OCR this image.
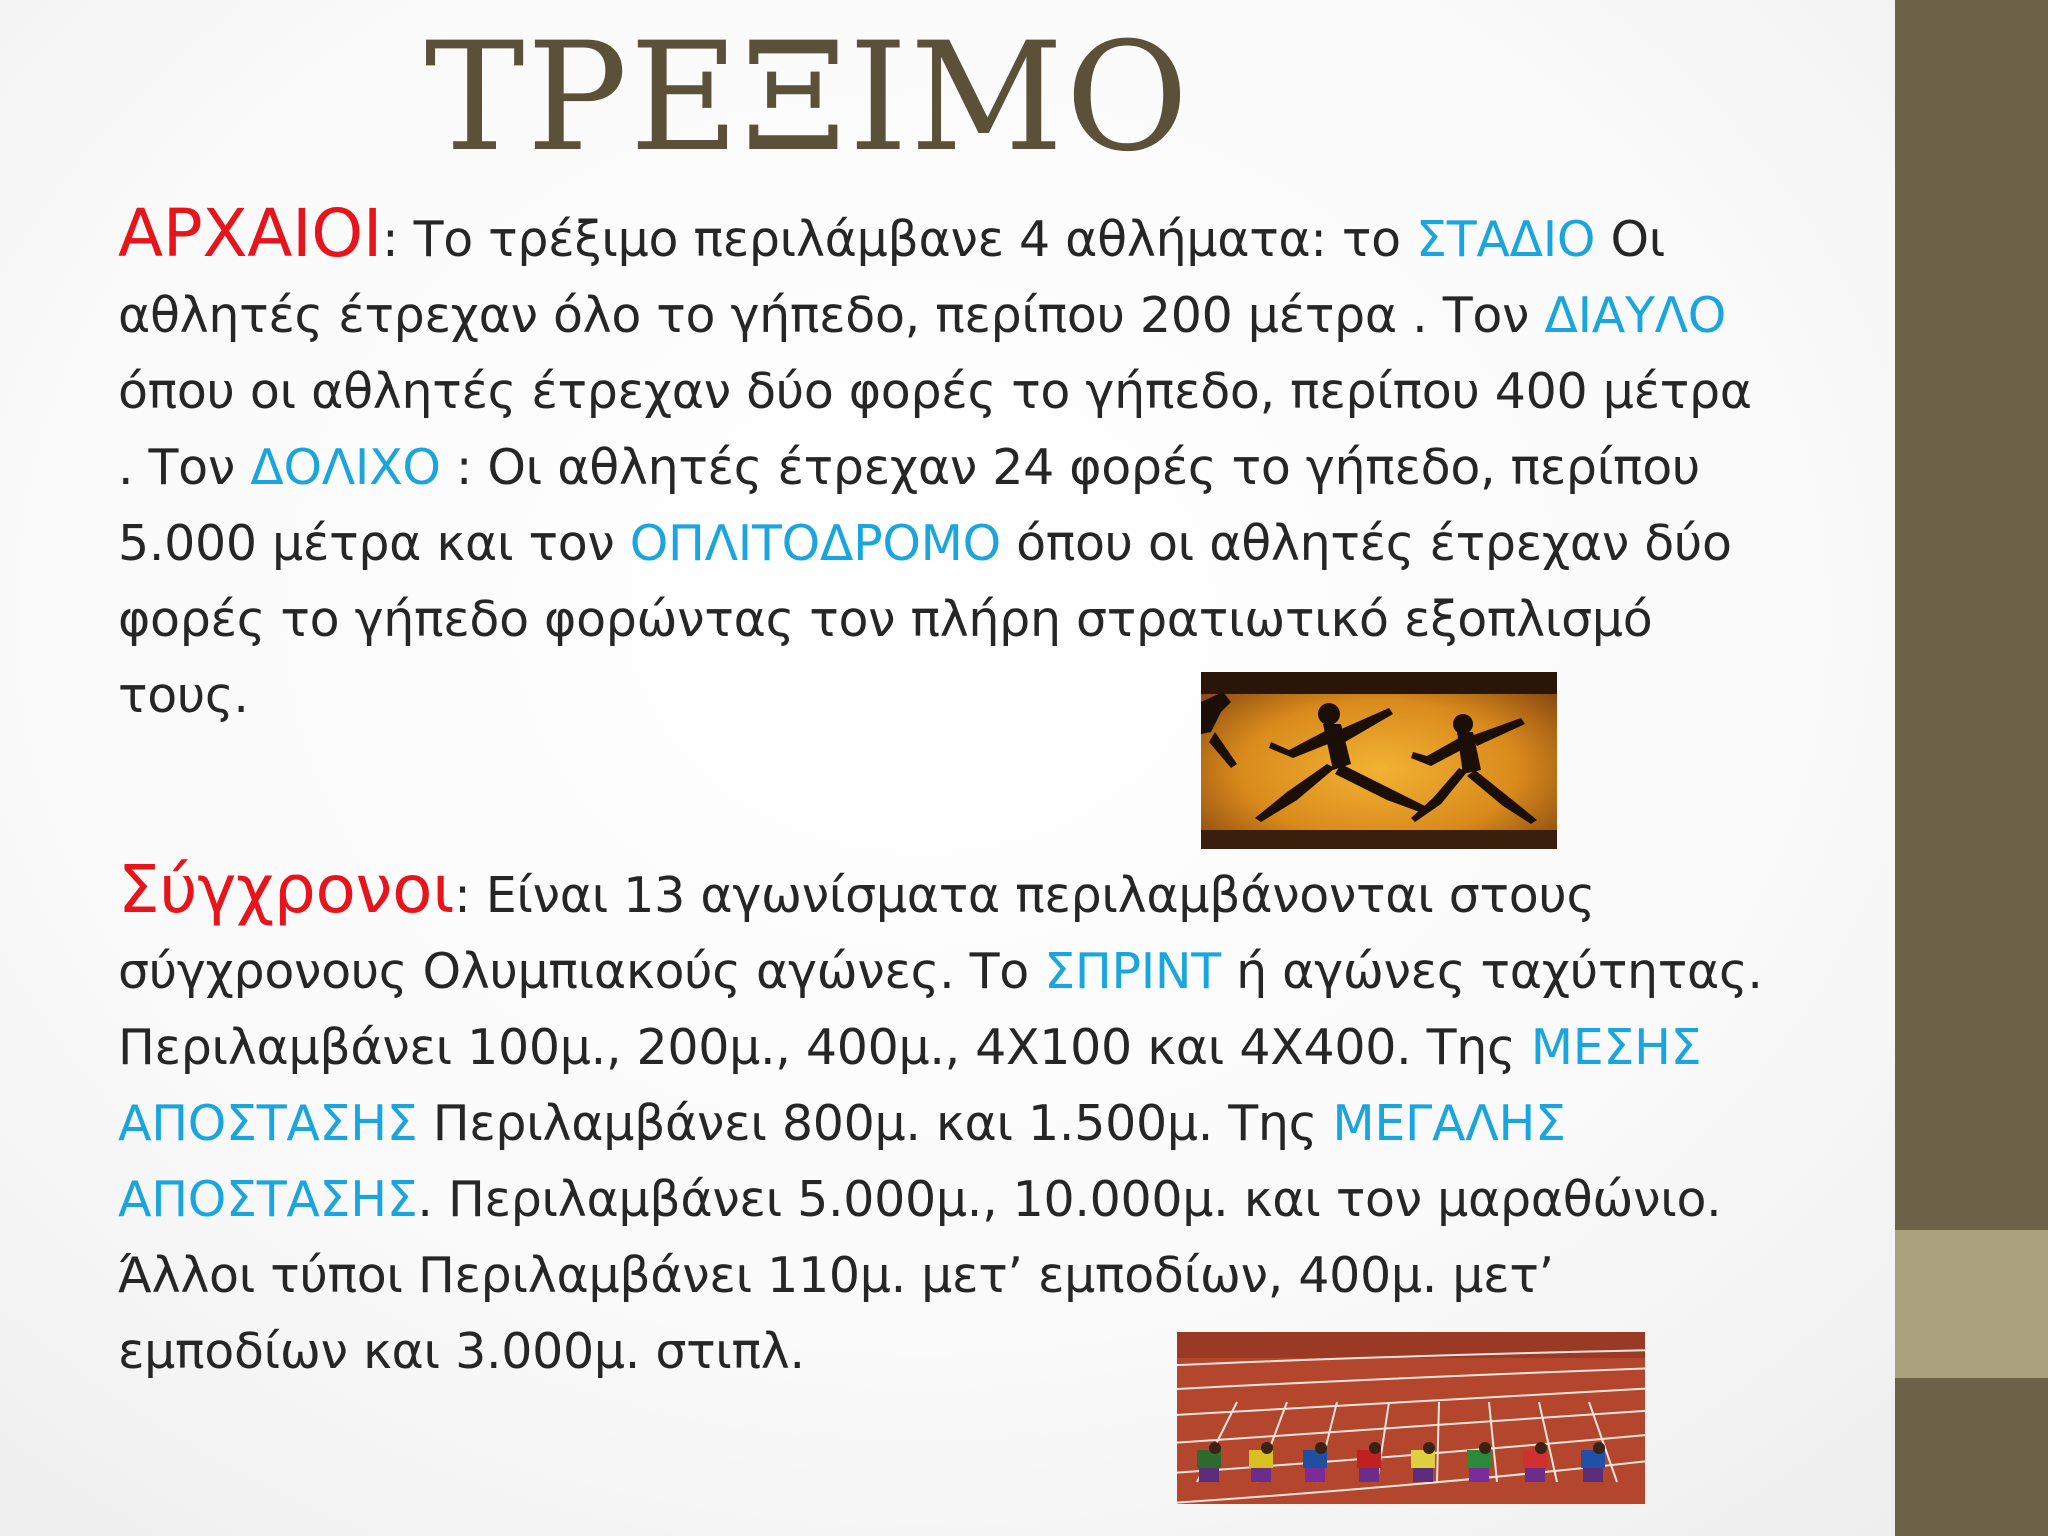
ΤΡΕΞΙΜΟ
ΑΡΧΑΙΟΙ: Το τρέξιμο περιλάμβανε 4 αθλήματα: το ΣΤΑΔΙΟ Οι αθλητές έτρεχαν όλο το γήπεδο, περίπου 200 μέτρα . Τον ΔΙΑΥΛΟ όπου οι αθλητές έτρεχαν δύο φορές το γήπεδο, περίπου 400 μέτρα . Τον ΔΟΛΙΧΟ : Οι αθλητές έτρεχαν 24 φορές το γήπεδο, περίπου 5.000 μέτρα και τον ΟΠΛΙΤΟΔΡΟΜΟ όπου οι αθλητές έτρεχαν δύο φορές το γήπεδο φορώντας τον πλήρη στρατιωτικό εξοπλισμό τους.
Σύγχρονοι: Είναι 13 αγωνίσματα περιλαμβάνονται στους σύγχρονους Ολυμπιακούς αγώνες. Το ΣΠΡΙΝΤ ή αγώνες ταχύτητας. Περιλαμβάνει 100μ., 200μ., 400μ., 4Χ100 και 4Χ400. Της ΜΕΣΗΣ ΑΠΟΣΤΑΣΗΣ Περιλαμβάνει 800μ. και 1.500μ. Της ΜΕΓΑΛΗΣ ΑΠΟΣΤΑΣΗΣ. Περιλαμβάνει 5.000μ., 10.000μ. και τον μαραθώνιο. Άλλοι τύποι Περιλαμβάνει 110μ. μετ’ εμποδίων, 400μ. μετ’ εμποδίων και 3.000μ. στιπλ.
